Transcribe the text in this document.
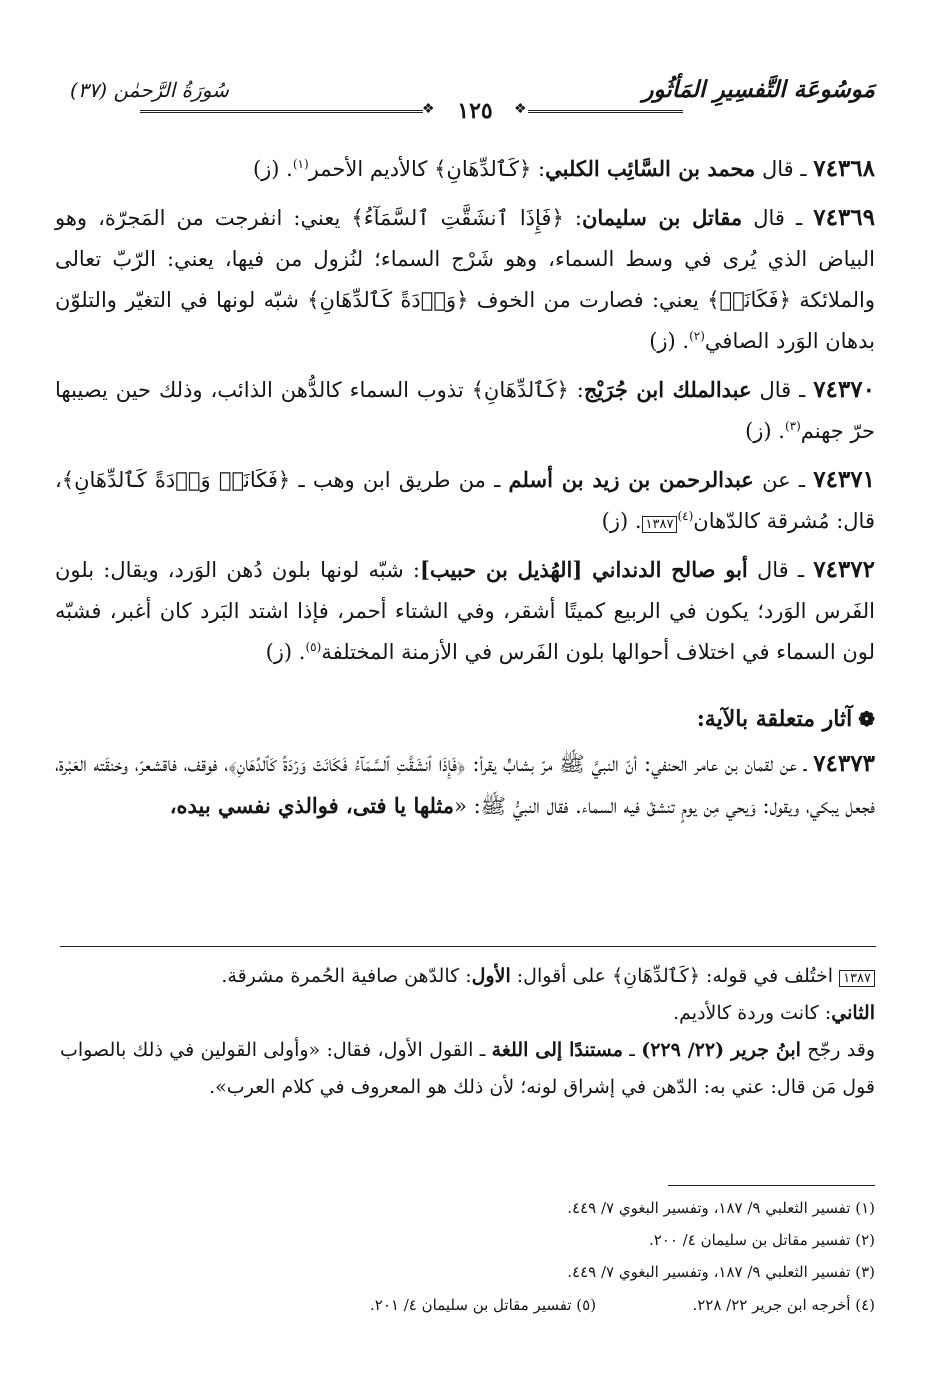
مَوسُوعَة التَّفسِيرِ المَأثُور
❖
١٢٥
❖
سُورَةُ الرَّحمٰن (٣٧)

٧٤٣٦٨ ـ قال محمد بن السَّائِب الكلبي: ﴿كَٱلدِّهَانِ﴾ كالأديم الأحمر$^{(١)}$. (ز)

٧٤٣٦٩ ـ قال مقاتل بن سليمان: ﴿فَإِذَا ٱنشَقَّتِ ٱلسَّمَآءُ﴾ يعني: انفرجت من المَجرّة، وهو البياض الذي يُرى في وسط السماء، وهو شَرْج السماء؛ لنُزول من فيها، يعني: الرّبّ تعالى والملائكة ﴿فَكَانَتۡ﴾ يعني: فصارت من الخوف ﴿وَرۡدَةً كَٱلدِّهَانِ﴾ شبّه لونها في التغيّر والتلوّن بدهان الوَرد الصافي$^{(٢)}$. (ز)

٧٤٣٧٠ ـ قال عبدالملك ابن جُرَيْج: ﴿كَٱلدِّهَانِ﴾ تذوب السماء كالدُّهن الذائب، وذلك حين يصيبها حرّ جهنم$^{(٣)}$. (ز)

٧٤٣٧١ ـ عن عبدالرحمن بن زيد بن أسلم ـ من طريق ابن وهب ـ ﴿فَكَانَتۡ وَرۡدَةً كَٱلدِّهَانِ﴾، قال: مُشرقة كالدّهان$^{(٤)}$١٣٨٧. (ز)

٧٤٣٧٢ ـ قال أبو صالح الدنداني [الهُذيل بن حبيب]: شبّه لونها بلون دُهن الوَرد، ويقال: بلون الفَرس الوَرد؛ يكون في الربيع كميتًا أشقر، وفي الشتاء أحمر، فإذا اشتد البَرد كان أغبر، فشبّه لون السماء في اختلاف أحوالها بلون الفَرس في الأزمنة المختلفة$^{(٥)}$. (ز)

❁آثار متعلقة بالآية:

٧٤٣٧٣ ـ عن لقمان بن عامر الحنفي: أنّ النبيَّ ﷺ مرّ بشابٍّ يقرأ: ﴿فَإِذَا ٱنشَقَّتِ ٱلسَّمَآءُ فَكَانَتۡ وَرۡدَةً كَٱلدِّهَانِ﴾، فوقف، فاقشعرّ، وخنقَته العَبْرة، فجعل يبكي، ويقول: وَيحي مِن يومٍ تنشقّ فيه السماء. فقال النبيُّ ﷺ: «مثلها يا فتى، فوالذي نفسي بيده،

١٣٨٧ اختُلف في قوله: ﴿كَٱلدِّهَانِ﴾ على أقوال: الأول: كالدّهن صافية الحُمرة مشرقة.

الثاني: كانت وردة كالأديم.

وقد رجّح ابنُ جرير (٢٢/ ٢٢٩) ـ مستندًا إلى اللغة ـ القول الأول، فقال: «وأولى القولين في ذلك بالصواب قول مَن قال: عني به: الدّهن في إشراق لونه؛ لأن ذلك هو المعروف في كلام العرب».

(١) تفسير الثعلبي ٩/ ١٨٧، وتفسير البغوي ٧/ ٤٤٩.
(٢) تفسير مقاتل بن سليمان ٤/ ٢٠٠.
(٣) تفسير الثعلبي ٩/ ١٨٧، وتفسير البغوي ٧/ ٤٤٩.
(٤) أخرجه ابن جرير ٢٢/ ٢٢٨.
(٥) تفسير مقاتل بن سليمان ٤/ ٢٠١.
